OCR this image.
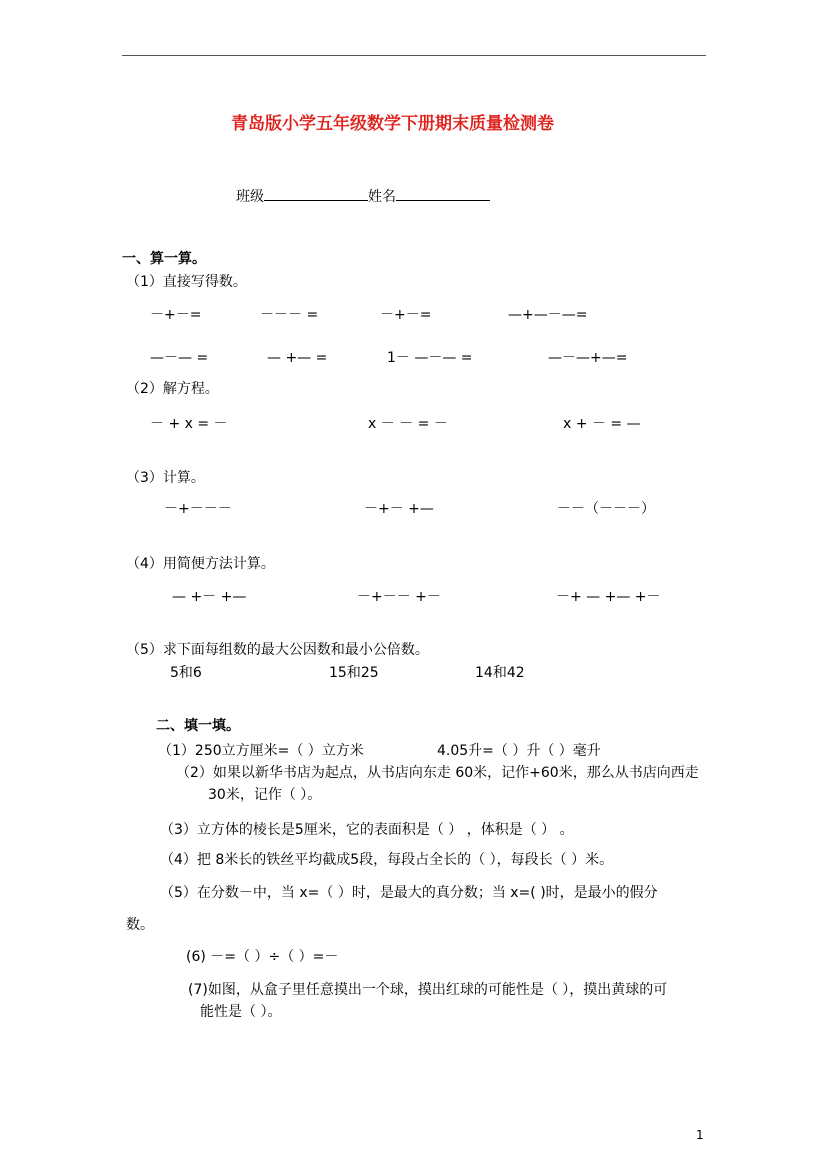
青岛版小学五年级数学下册期末质量检测卷
班级	姓名
一、算一算。
（1）直接写得数。
－+－=	－－－ =	－+－=	—+—－—=
—－— =	— +— =	1－ —－— =	—－—+—=
（2）解方程。
－ + x = －	x － － = －	x + － = —
（3）计算。
－+－－－	－+－ +—	－－（－－－）
（4）用简便方法计算。
— +－ +—	－+－－ +－	－+ — +— +－
（5）求下面每组数的最大公因数和最小公倍数。
5和6	15和25	14和42
二、填一填。
（1）250立方厘米=（ ）立方米	4.05升=（ ）升（ ）毫升
（2）如果以新华书店为起点，从书店向东走 60米，记作+60米，那么从书店向西走
30米，记作（ ）。
（3）立方体的棱长是5厘米，它的表面积是（ ） ，体积是（ ） 。
（4）把 8米长的铁丝平均截成5段，每段占全长的（ ），每段长（ ）米。
（5）在分数－中，当 x=（ ）时，是最大的真分数；当 x=( )时，是最小的假分
数。
(6) －=（ ）÷（ ）=－
(7)如图，从盒子里任意摸出一个球，摸出红球的可能性是（ ），摸出黄球的可
能性是（ ）。
1
